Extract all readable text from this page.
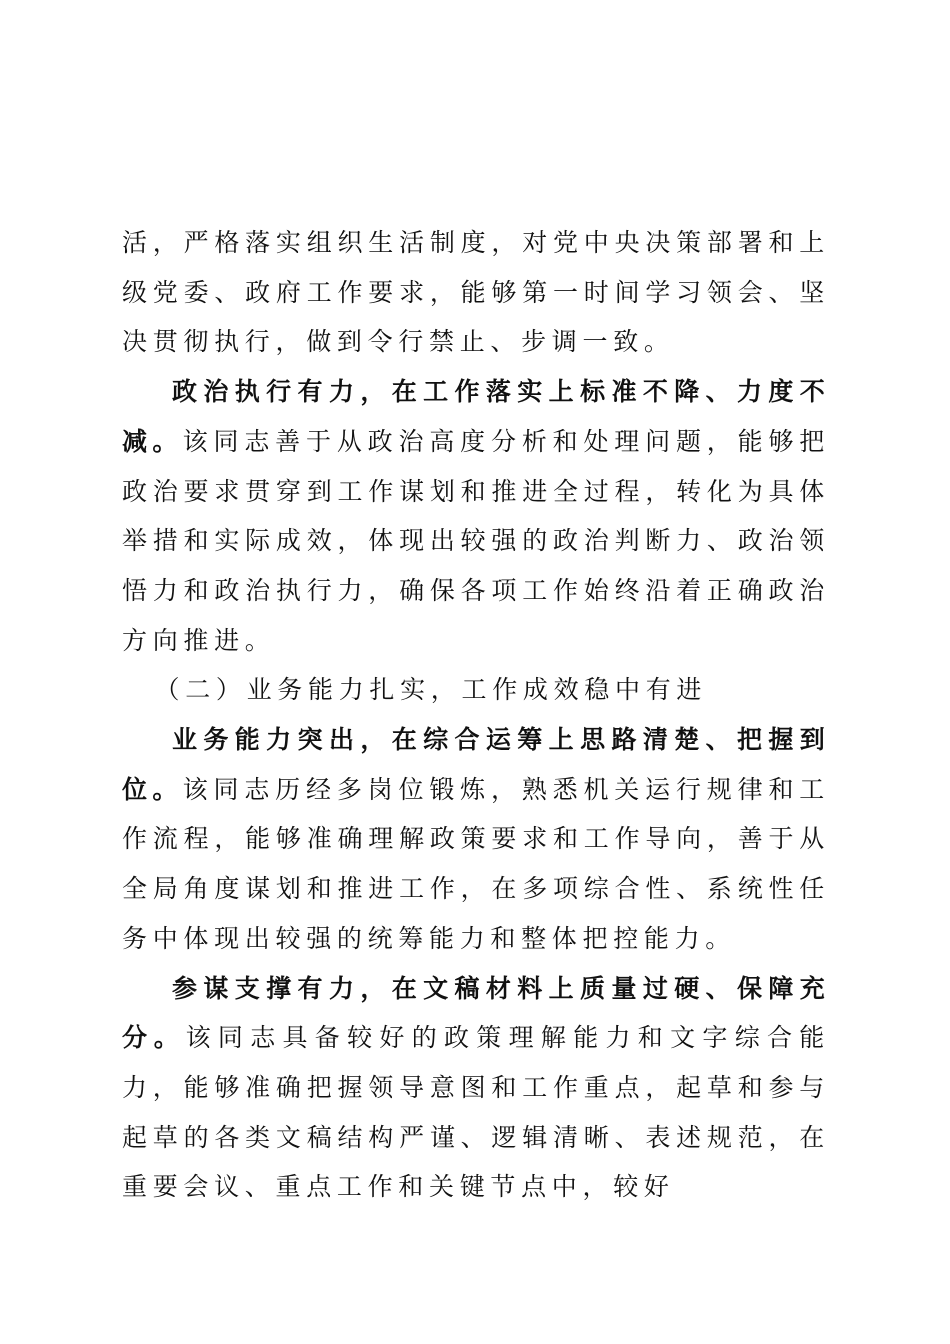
活，严格落实组织生活制度，对党中央决策部署和上级党委、政府工作要求，能够第一时间学习领会、坚决贯彻执行，做到令行禁止、步调一致。

政治执行有力，在工作落实上标准不降、力度不减。该同志善于从政治高度分析和处理问题，能够把政治要求贯穿到工作谋划和推进全过程，转化为具体举措和实际成效，体现出较强的政治判断力、政治领悟力和政治执行力，确保各项工作始终沿着正确政治方向推进。

（二）业务能力扎实，工作成效稳中有进

业务能力突出，在综合运筹上思路清楚、把握到位。该同志历经多岗位锻炼，熟悉机关运行规律和工作流程，能够准确理解政策要求和工作导向，善于从全局角度谋划和推进工作，在多项综合性、系统性任务中体现出较强的统筹能力和整体把控能力。

参谋支撑有力，在文稿材料上质量过硬、保障充分。该同志具备较好的政策理解能力和文字综合能力，能够准确把握领导意图和工作重点，起草和参与起草的各类文稿结构严谨、逻辑清晰、表述规范，在重要会议、重点工作和关键节点中，较好
